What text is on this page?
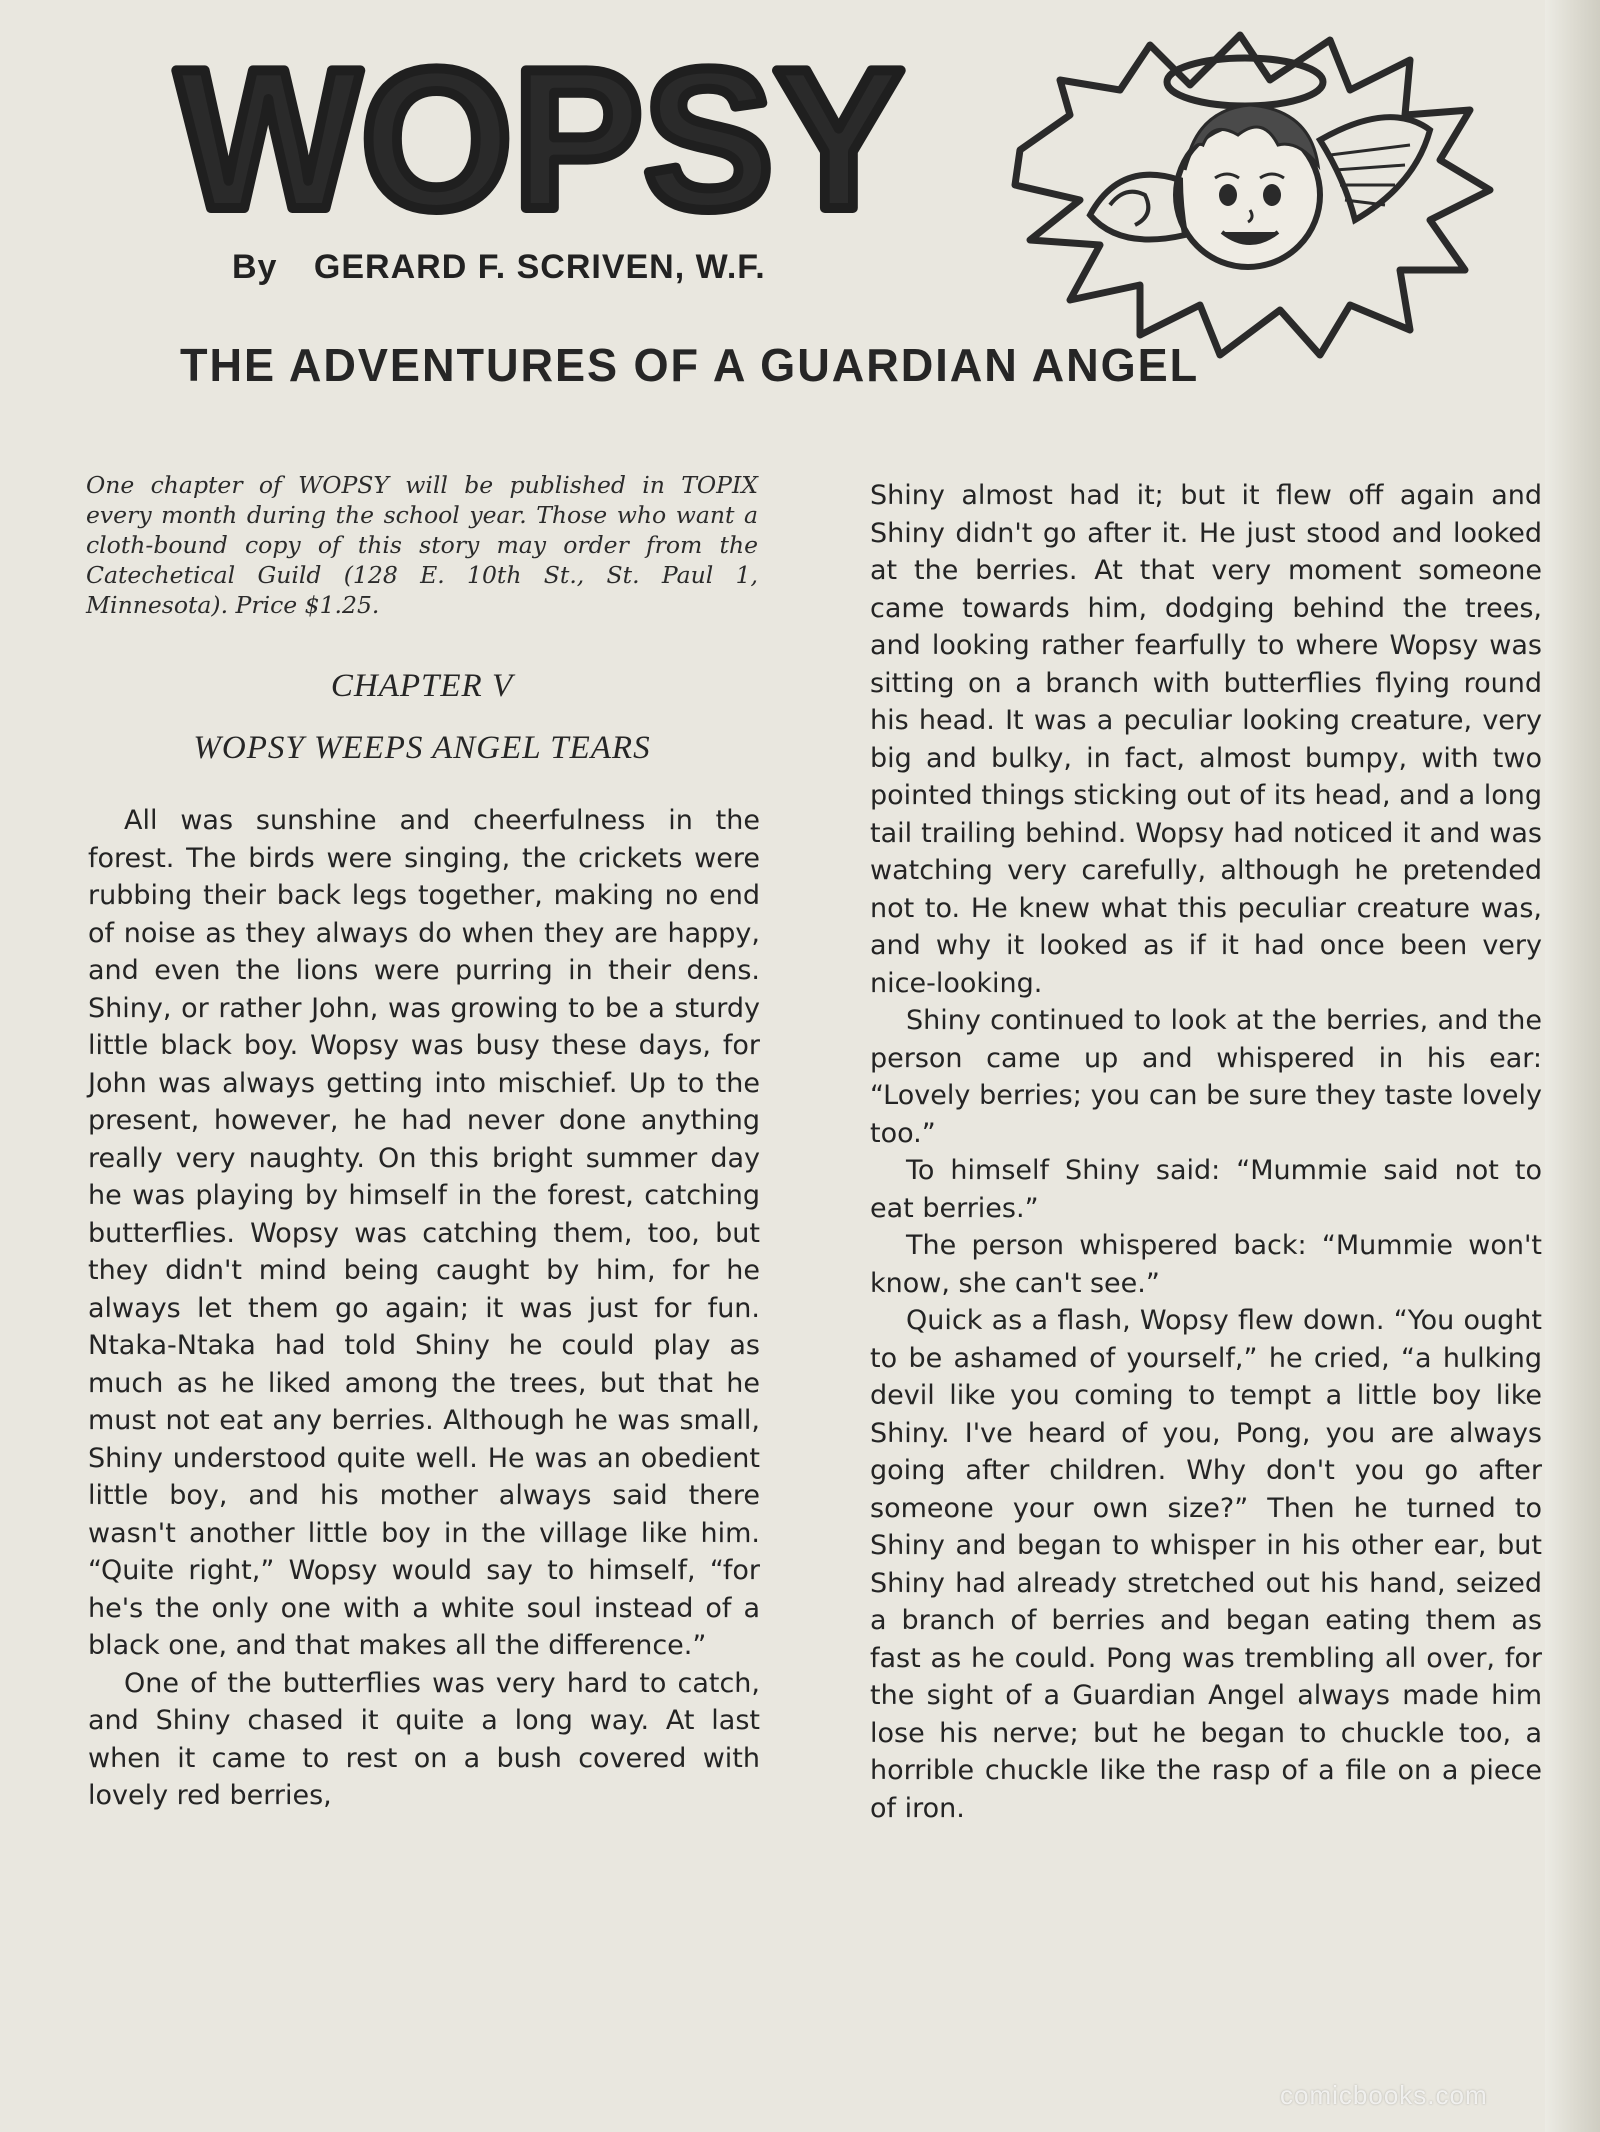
WOPSY
By GERARD F. SCRIVEN, W.F.
THE ADVENTURES OF A GUARDIAN ANGEL
One chapter of WOPSY will be published in TOPIX every month during the school year. Those who want a cloth-bound copy of this story may order from the Catechetical Guild (128 E. 10th St., St. Paul 1, Minnesota). Price $1.25.
CHAPTER V
WOPSY WEEPS ANGEL TEARS

All was sunshine and cheerfulness in the forest. The birds were singing, the crickets were rubbing their back legs together, making no end of noise as they always do when they are happy, and even the lions were purring in their dens. Shiny, or rather John, was growing to be a sturdy little black boy. Wopsy was busy these days, for John was always getting into mischief. Up to the present, however, he had never done anything really very naughty. On this bright summer day he was playing by himself in the forest, catching butterflies. Wopsy was catching them, too, but they didn't mind being caught by him, for he always let them go again; it was just for fun. Ntaka-Ntaka had told Shiny he could play as much as he liked among the trees, but that he must not eat any berries. Although he was small, Shiny understood quite well. He was an obedient little boy, and his mother always said there wasn't another little boy in the village like him. “Quite right,” Wopsy would say to himself, “for he's the only one with a white soul instead of a black one, and that makes all the difference.”

One of the butterflies was very hard to catch, and Shiny chased it quite a long way. At last when it came to rest on a bush covered with lovely red berries,

Shiny almost had it; but it flew off again and Shiny didn't go after it. He just stood and looked at the berries. At that very moment someone came towards him, dodging behind the trees, and looking rather fearfully to where Wopsy was sitting on a branch with butterflies flying round his head. It was a peculiar looking creature, very big and bulky, in fact, almost bumpy, with two pointed things sticking out of its head, and a long tail trailing behind. Wopsy had noticed it and was watching very carefully, although he pretended not to. He knew what this peculiar creature was, and why it looked as if it had once been very nice-looking.

Shiny continued to look at the berries, and the person came up and whispered in his ear: “Lovely berries; you can be sure they taste lovely too.”

To himself Shiny said: “Mummie said not to eat berries.”

The person whispered back: “Mummie won't know, she can't see.”

Quick as a flash, Wopsy flew down. “You ought to be ashamed of yourself,” he cried, “a hulking devil like you coming to tempt a little boy like Shiny. I've heard of you, Pong, you are always going after children. Why don't you go after someone your own size?” Then he turned to Shiny and began to whisper in his other ear, but Shiny had already stretched out his hand, seized a branch of berries and began eating them as fast as he could. Pong was trembling all over, for the sight of a Guardian Angel always made him lose his nerve; but he began to chuckle too, a horrible chuckle like the rasp of a file on a piece of iron.

comicbooks.com
